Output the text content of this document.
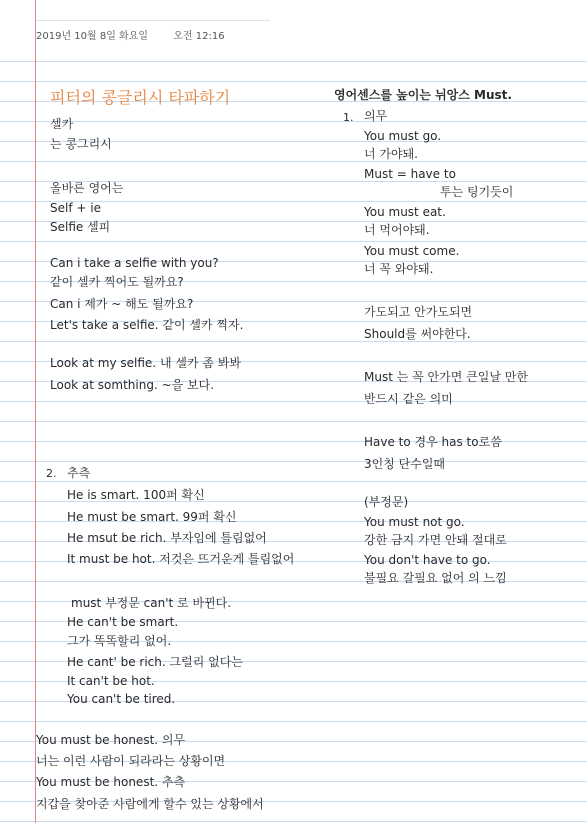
2019년 10월 8일 화요일	오전 12:16
피터의 콩글리시 타파하기
셀카
는 콩그리시
올바른 영어는
Self + ie
Selfie 셀피
Can i take a selfie with you?
같이 셀카 찍어도 될까요?
Can i 제가 ~ 해도 될까요?
Let's take a selfie. 같이 셀카 찍자.
Look at my selfie. 내 셀카 좀 봐봐
Look at somthing. ~을 보다.
2. 추측
He is smart. 100퍼 확신
He must be smart. 99퍼 확신
He msut be rich. 부자임에 틀림없어
It must be hot. 저것은 뜨거운게 틀림없어
must 부정문 can't 로 바뀐다.
He can't be smart.
그가 똑똑할리 없어.
He cant' be rich. 그럴리 없다는
It can't be hot.
You can't be tired.
영어센스를 높이는 뉘앙스 Must.
1. 의무
You must go.
너 가야돼.
Must = have to
투는 팅기듯이
You must eat.
너 먹어야돼.
You must come.
너 꼭 와야돼.
가도되고 안가도되면
Should를 써야한다.
Must 는 꼭 안가면 큰일날 만한
반드시 같은 의미
Have to 경우 has to로씀
3인칭 단수일때
(부정문)
You must not go.
강한 금지 가면 안돼 절대로
You don't have to go.
불필요 갈필요 없어 의 느낌
You must be honest. 의무
너는 이런 사람이 되라라는 상황이면
You must be honest. 추측
지갑을 찾아준 사람에게 할수 있는 상황에서
